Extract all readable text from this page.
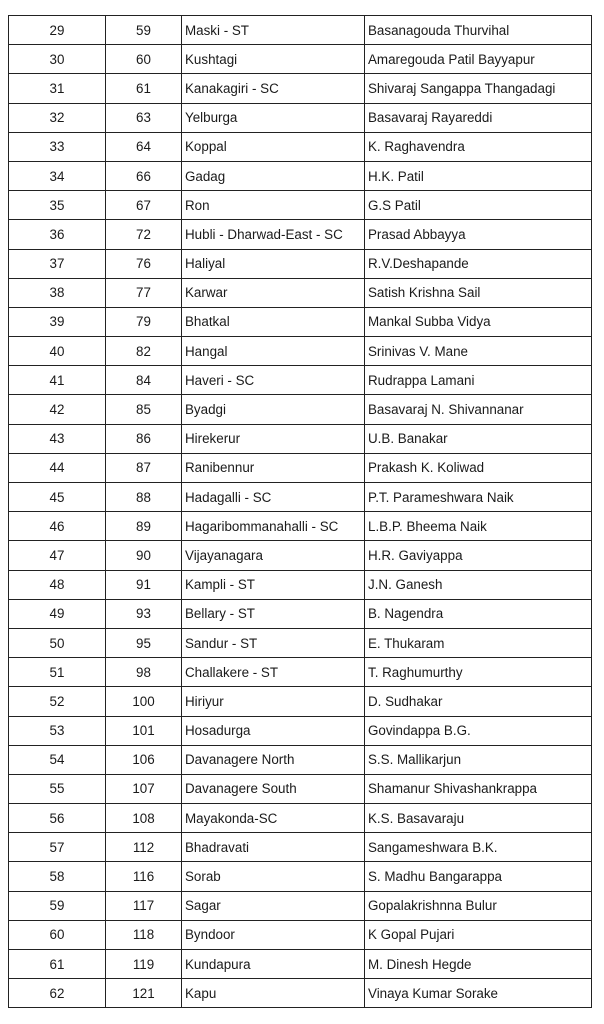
29	59	Maski - ST	Basanagouda Thurvihal
30	60	Kushtagi	Amaregouda Patil Bayyapur
31	61	Kanakagiri - SC	Shivaraj Sangappa Thangadagi
32	63	Yelburga	Basavaraj Rayareddi
33	64	Koppal	K. Raghavendra
34	66	Gadag	H.K. Patil
35	67	Ron	G.S Patil
36	72	Hubli - Dharwad-East - SC	Prasad Abbayya
37	76	Haliyal	R.V.Deshapande
38	77	Karwar	Satish Krishna Sail
39	79	Bhatkal	Mankal Subba Vidya
40	82	Hangal	Srinivas V. Mane
41	84	Haveri - SC	Rudrappa Lamani
42	85	Byadgi	Basavaraj N. Shivannanar
43	86	Hirekerur	U.B. Banakar
44	87	Ranibennur	Prakash K. Koliwad
45	88	Hadagalli - SC	P.T. Parameshwara Naik
46	89	Hagaribommanahalli - SC	L.B.P. Bheema Naik
47	90	Vijayanagara	H.R. Gaviyappa
48	91	Kampli - ST	J.N. Ganesh
49	93	Bellary - ST	B. Nagendra
50	95	Sandur - ST	E. Thukaram
51	98	Challakere - ST	T. Raghumurthy
52	100	Hiriyur	D. Sudhakar
53	101	Hosadurga	Govindappa B.G.
54	106	Davanagere North	S.S. Mallikarjun
55	107	Davanagere South	Shamanur Shivashankrappa
56	108	Mayakonda-SC	K.S. Basavaraju
57	112	Bhadravati	Sangameshwara B.K.
58	116	Sorab	S. Madhu Bangarappa
59	117	Sagar	Gopalakrishnna Bulur
60	118	Byndoor	K Gopal Pujari
61	119	Kundapura	M. Dinesh Hegde
62	121	Kapu	Vinaya Kumar Sorake
